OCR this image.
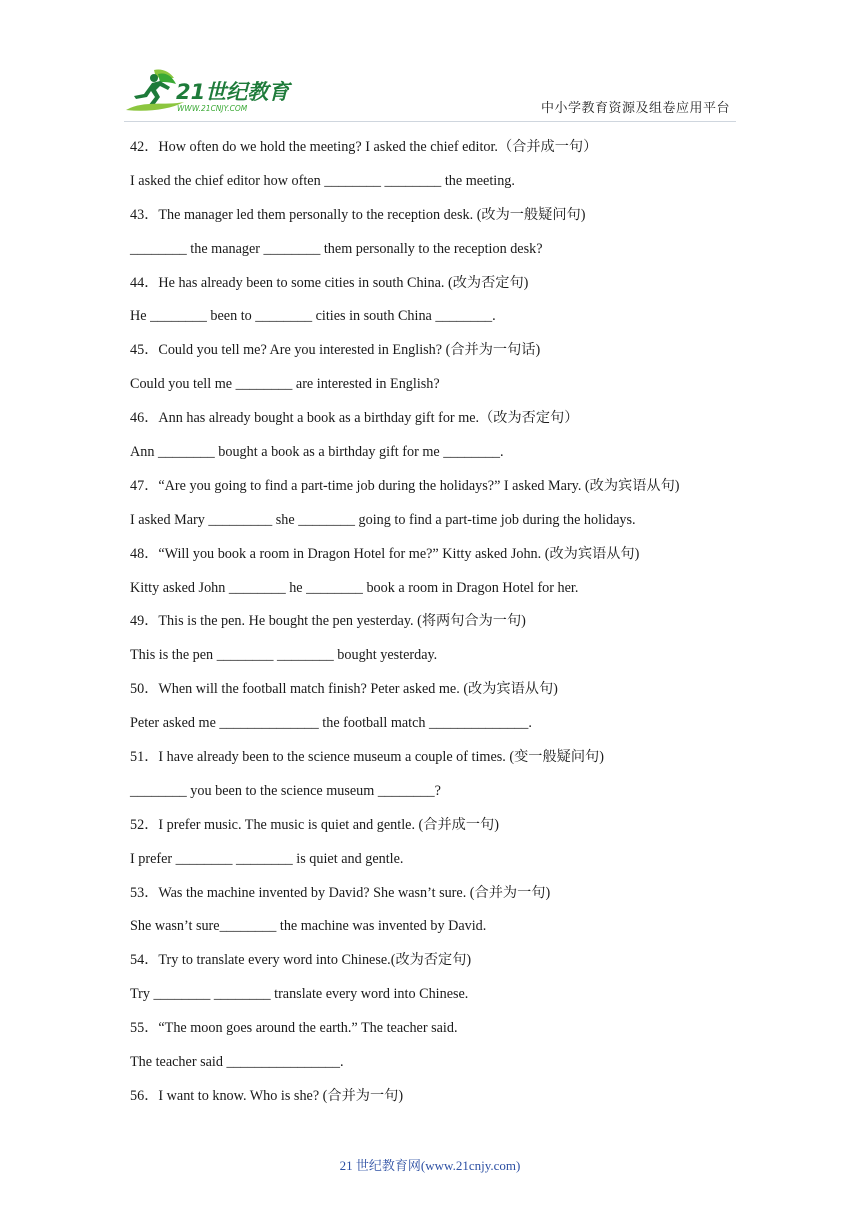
21世纪教育
WWW.21CNJY.COM	中小学教育资源及组卷应用平台
42．How often do we hold the meeting? I asked the chief editor.（合并成一句）
I asked the chief editor how often ________ ________ the meeting.
43．The manager led them personally to the reception desk. (改为一般疑问句)
________ the manager ________ them personally to the reception desk?
44．He has already been to some cities in south China. (改为否定句)
He ________ been to ________ cities in south China ________.
45．Could you tell me? Are you interested in English? (合并为一句话)
Could you tell me ________ are interested in English?
46．Ann has already bought a book as a birthday gift for me.（改为否定句）
Ann ________ bought a book as a birthday gift for me ________.
47．“Are you going to find a part-time job during the holidays?” I asked Mary. (改为宾语从句)
I asked Mary _________ she ________ going to find a part-time job during the holidays.
48．“Will you book a room in Dragon Hotel for me?” Kitty asked John. (改为宾语从句)
Kitty asked John ________ he ________ book a room in Dragon Hotel for her.
49．This is the pen. He bought the pen yesterday. (将两句合为一句)
This is the pen ________ ________ bought yesterday.
50．When will the football match finish? Peter asked me. (改为宾语从句)
Peter asked me ______________ the football match ______________.
51．I have already been to the science museum a couple of times. (变一般疑问句)
________ you been to the science museum ________?
52．I prefer music. The music is quiet and gentle. (合并成一句)
I prefer ________ ________ is quiet and gentle.
53．Was the machine invented by David? She wasn’t sure. (合并为一句)
She wasn’t sure________ the machine was invented by David.
54．Try to translate every word into Chinese.(改为否定句)
Try ________ ________ translate every word into Chinese.
55．“The moon goes around the earth.” The teacher said.
The teacher said ________________.
56．I want to know. Who is she? (合并为一句)
21 世纪教育网(www.21cnjy.com)
